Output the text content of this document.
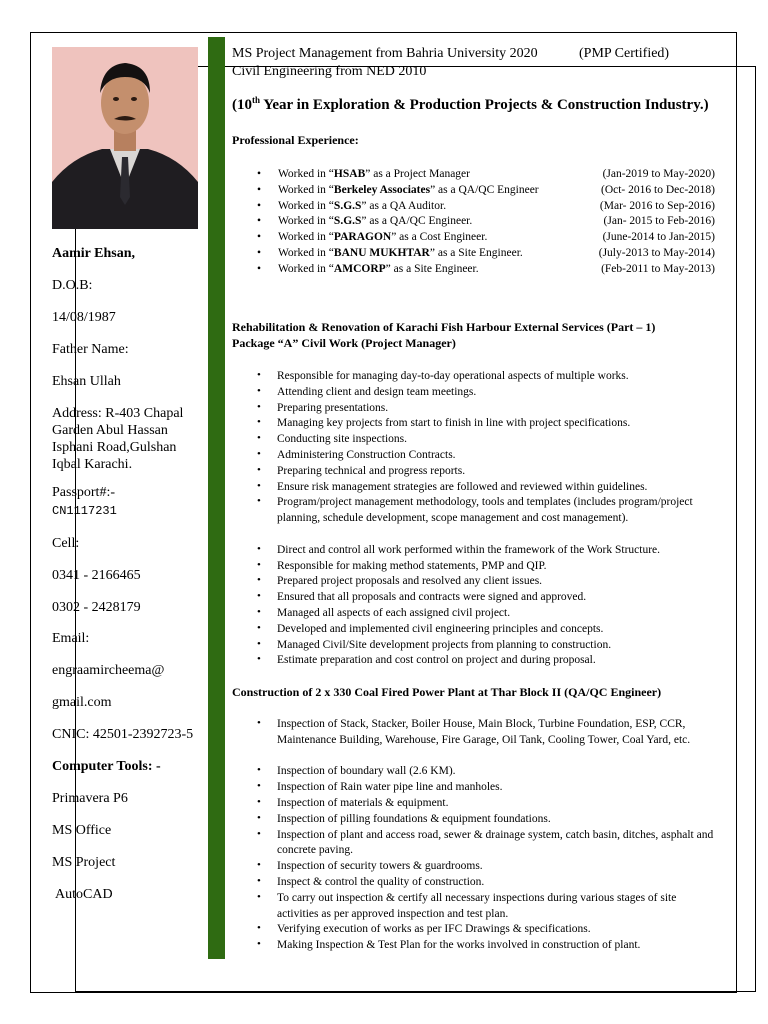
Aamir Ehsan,
D.O.B:
14/08/1987
Father Name:
Ehsan Ullah
Address: R-403 Chapal Garden Abul Hassan Isphani Road,Gulshan Iqbal Karachi.
Passport#:-
CN1117231
Cell:
0341 - 2166465
0302 - 2428179
Email:
engraamircheema@
gmail.com
CNIC: 42501-2392723-5
Computer Tools: -
Primavera P6
MS Office
MS Project
AutoCAD
MS Project Management from Bahria University 2020	(PMP Certified)
Civil Engineering from NED 2010
(10th Year in Exploration & Production Projects & Construction Industry.)
Professional Experience:
• Worked in “HSAB” as a Project Manager	(Jan-2019 to May-2020)
• Worked in “Berkeley Associates” as a QA/QC Engineer	(Oct- 2016 to Dec-2018)
• Worked in “S.G.S” as a QA Auditor.	(Mar- 2016 to Sep-2016)
• Worked in “S.G.S” as a QA/QC Engineer.	(Jan- 2015 to Feb-2016)
• Worked in “PARAGON” as a Cost Engineer.	(June-2014 to Jan-2015)
• Worked in “BANU MUKHTAR” as a Site Engineer.	(July-2013 to May-2014)
• Worked in “AMCORP” as a Site Engineer.	(Feb-2011 to May-2013)
Rehabilitation & Renovation of Karachi Fish Harbour External Services (Part – 1)
Package “A” Civil Work (Project Manager)
Responsible for managing day-to-day operational aspects of multiple works.
•
Attending client and design team meetings.
•
Preparing presentations.
•
Managing key projects from start to finish in line with project specifications.
•
Conducting site inspections.
•
Administering Construction Contracts.
•
Preparing technical and progress reports.
•
Ensure risk management strategies are followed and reviewed within guidelines.
•
Program/project management methodology, tools and templates (includes program/project planning, schedule development, scope management and cost management).
•
Direct and control all work performed within the framework of the Work Structure.
•
Responsible for making method statements, PMP and QIP.
•
Prepared project proposals and resolved any client issues.
•
Ensured that all proposals and contracts were signed and approved.
•
Managed all aspects of each assigned civil project.
•
Developed and implemented civil engineering principles and concepts.
•
Managed Civil/Site development projects from planning to construction.
•
Estimate preparation and cost control on project and during proposal.
•
Construction of 2 x 330 Coal Fired Power Plant at Thar Block II (QA/QC Engineer)
Inspection of Stack, Stacker, Boiler House, Main Block, Turbine Foundation, ESP, CCR, Maintenance Building, Warehouse, Fire Garage, Oil Tank, Cooling Tower, Coal Yard, etc.
•
Inspection of boundary wall (2.6 KM).
•
Inspection of Rain water pipe line and manholes.
•
Inspection of materials & equipment.
•
Inspection of pilling foundations & equipment foundations.
•
Inspection of plant and access road, sewer & drainage system, catch basin, ditches, asphalt and concrete paving.
•
Inspection of security towers & guardrooms.
•
Inspect & control the quality of construction.
•
To carry out inspection & certify all necessary inspections during various stages of site activities as per approved inspection and test plan.
•
Verifying execution of works as per IFC Drawings & specifications.
•
Making Inspection & Test Plan for the works involved in construction of plant.
•
